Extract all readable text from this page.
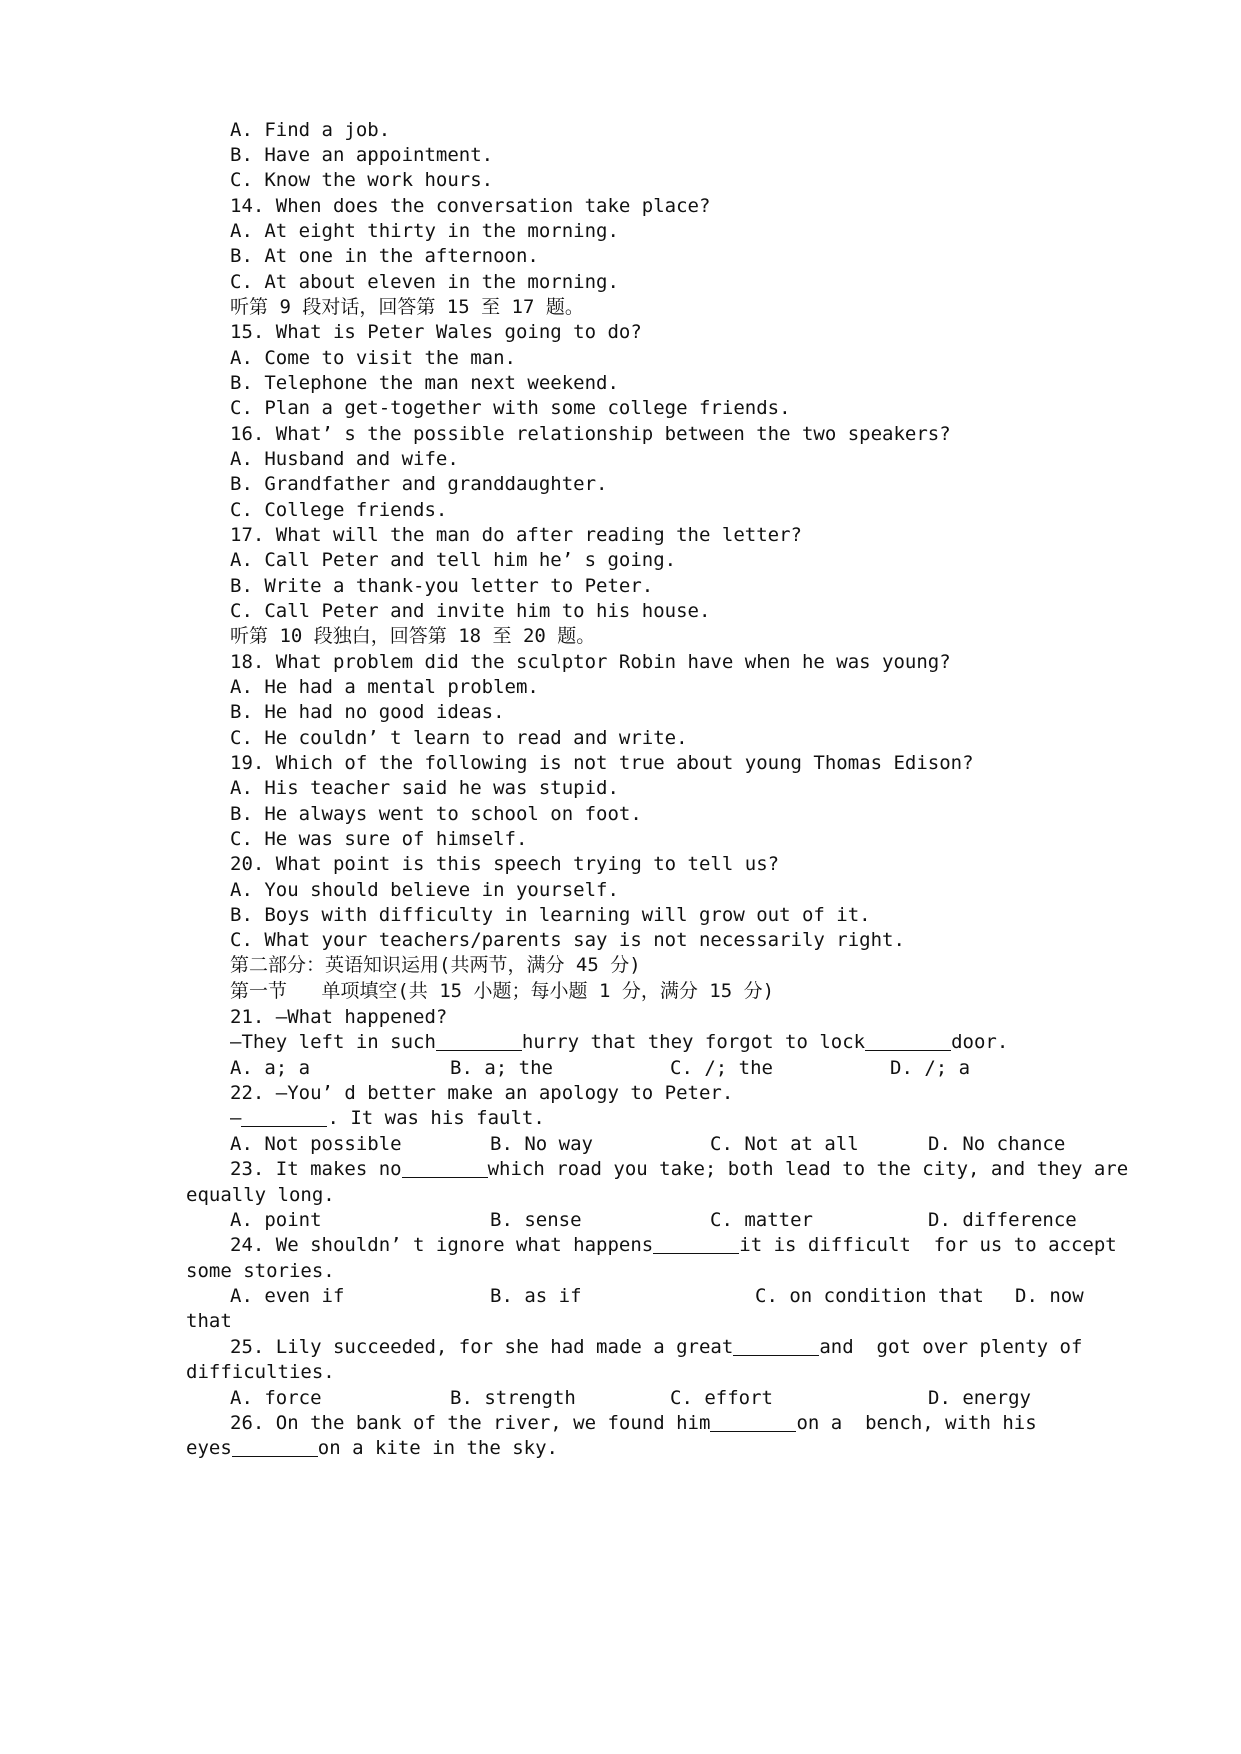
A. Find a job.
B. Have an appointment.
C. Know the work hours.
14. When does the conversation take place?
A. At eight thirty in the morning.
B. At one in the afternoon.
C. At about eleven in the morning.
听第 9 段对话，回答第 15 至 17 题。
15. What is Peter Wales going to do?
A. Come to visit the man.
B. Telephone the man next weekend.
C. Plan a get-together with some college friends.
16. What’ s the possible relationship between the two speakers?
A. Husband and wife.
B. Grandfather and granddaughter.
C. College friends.
17. What will the man do after reading the letter?
A. Call Peter and tell him he’ s going.
B. Write a thank-you letter to Peter.
C. Call Peter and invite him to his house.
听第 10 段独白，回答第 18 至 20 题。
18. What problem did the sculptor Robin have when he was young?
A. He had a mental problem.
B. He had no good ideas.
C. He couldn’ t learn to read and write.
19. Which of the following is not true about young Thomas Edison?
A. His teacher said he was stupid.
B. He always went to school on foot.
C. He was sure of himself.
20. What point is this speech trying to tell us?
A. You should believe in yourself.
B. Boys with difficulty in learning will grow out of it.
C. What your teachers/parents say is not necessarily right.
第二部分：英语知识运用(共两节，满分 45 分)
第一节   单项填空(共 15 小题；每小题 1 分，满分 15 分)
21. —What happened?
—They left in such	hurry that they forgot to lock	door.
A. a; a	B. a; the	C. /; the	D. /; a
22. —You’ d better make an apology to Peter.
—	. It was his fault.
A. Not possible	B. No way	C. Not at all	D. No chance
23. It makes no	which road you take; both lead to the city, and they are
equally long.
A. point	B. sense	C. matter	D. difference
24. We shouldn’ t ignore what happens	it is difficult  for us to accept
some stories.
A. even if	B. as if	C. on condition that D. now
that
25. Lily succeeded, for she had made a great	and  got over plenty of
difficulties.
A. force	B. strength	C. effort	D. energy
26. On the bank of the river, we found him	on a  bench, with his
eyes	on a kite in the sky.
